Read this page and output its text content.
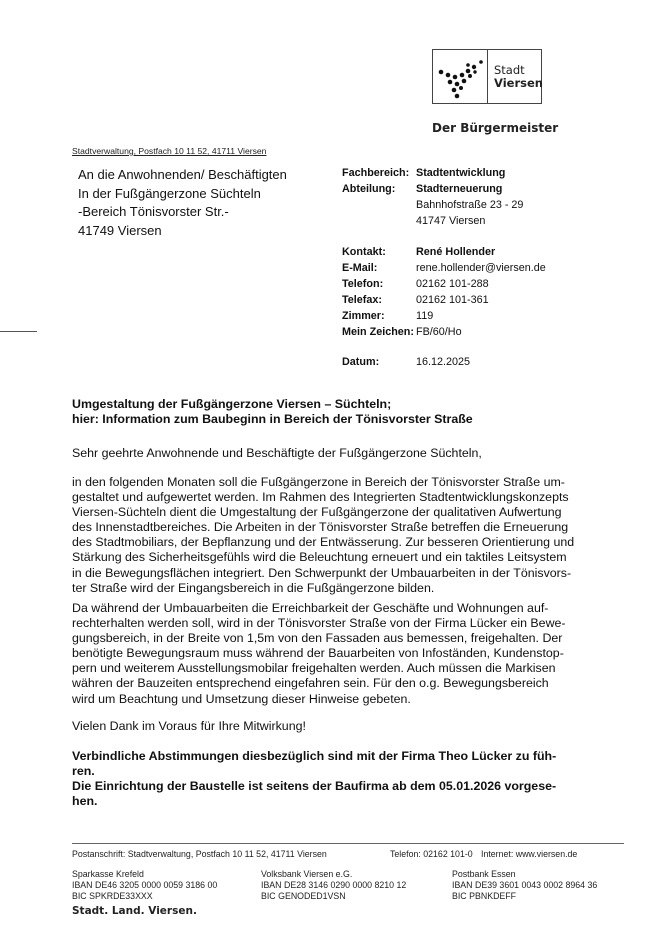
Stadt
Viersen
Der Bürgermeister
Stadtverwaltung, Postfach 10 11 52, 41711 Viersen
An die Anwohnenden/ Beschäftigten
In der Fußgängerzone Süchteln
-Bereich Tönisvorster Str.-
41749 Viersen
Fachbereich: Stadtentwicklung
Abteilung: Stadterneuerung
Bahnhofstraße 23 - 29
41747 Viersen
Kontakt:	René Hollender
E-Mail:	rene.hollender@viersen.de
Telefon:	02162 101-288
Telefax:	02162 101-361
Zimmer:	119
Mein Zeichen: FB/60/Ho
Datum:	16.12.2025
Umgestaltung der Fußgängerzone Viersen – Süchteln;
hier: Information zum Baubeginn in Bereich der Tönisvorster Straße
Sehr geehrte Anwohnende und Beschäftigte der Fußgängerzone Süchteln,
in den folgenden Monaten soll die Fußgängerzone in Bereich der Tönisvorster Straße um-
gestaltet und aufgewertet werden. Im Rahmen des Integrierten Stadtentwicklungskonzepts
Viersen-Süchteln dient die Umgestaltung der Fußgängerzone der qualitativen Aufwertung
des Innenstadtbereiches. Die Arbeiten in der Tönisvorster Straße betreffen die Erneuerung
des Stadtmobiliars, der Bepflanzung und der Entwässerung. Zur besseren Orientierung und
Stärkung des Sicherheitsgefühls wird die Beleuchtung erneuert und ein taktiles Leitsystem
in die Bewegungsflächen integriert. Den Schwerpunkt der Umbauarbeiten in der Tönisvors-
ter Straße wird der Eingangsbereich in die Fußgängerzone bilden.
Da während der Umbauarbeiten die Erreichbarkeit der Geschäfte und Wohnungen auf-
rechterhalten werden soll, wird in der Tönisvorster Straße von der Firma Lücker ein Bewe-
gungsbereich, in der Breite von 1,5m von den Fassaden aus bemessen, freigehalten. Der
benötigte Bewegungsraum muss während der Bauarbeiten von Infoständen, Kundenstop-
pern und weiterem Ausstellungsmobilar freigehalten werden. Auch müssen die Markisen
währen der Bauzeiten entsprechend eingefahren sein. Für den o.g. Bewegungsbereich
wird um Beachtung und Umsetzung dieser Hinweise gebeten.
Vielen Dank im Voraus für Ihre Mitwirkung!
Verbindliche Abstimmungen diesbezüglich sind mit der Firma Theo Lücker zu füh-
ren.
Die Einrichtung der Baustelle ist seitens der Baufirma ab dem 05.01.2026 vorgese-
hen.
Postanschrift: Stadtverwaltung, Postfach 10 11 52, 41711 Viersen	Telefon: 02162 101-0 Internet: www.viersen.de
Sparkasse Krefeld
IBAN DE46 3205 0000 0059 3186 00
BIC SPKRDE33XXX
Volksbank Viersen e.G.
IBAN DE28 3146 0290 0000 8210 12
BIC GENODED1VSN
Postbank Essen
IBAN DE39 3601 0043 0002 8964 36
BIC PBNKDEFF
Stadt. Land. Viersen.
